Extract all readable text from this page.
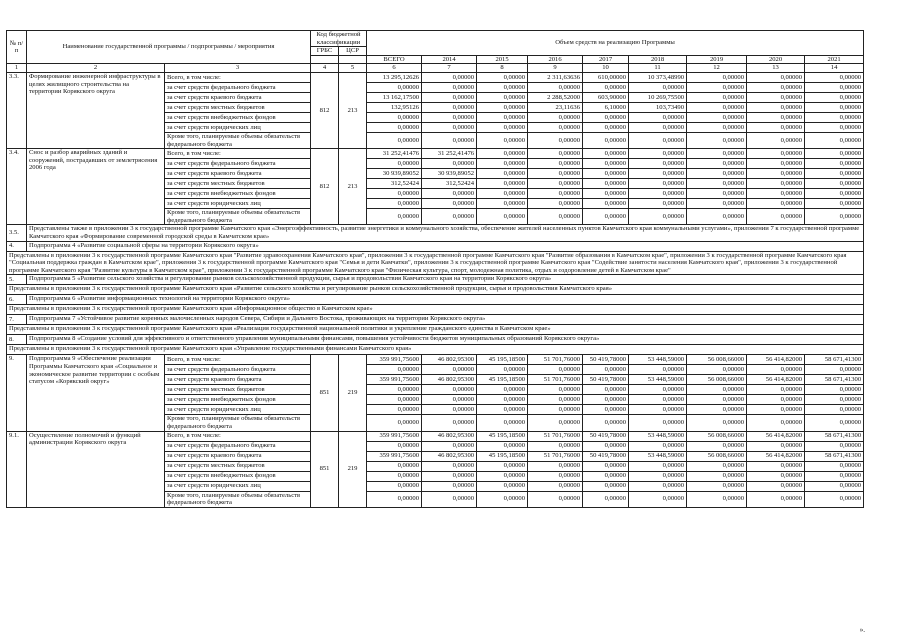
№ п/п	Наименование государственной программы / подпрограммы / мероприятия		Код бюджетной классификации		Объем средств на реализацию Программы								
			ГРБС	ЦСР									
					ВСЕГО	2014	2015	2016	2017	2018	2019	2020	2021
1	2	3	4	5	6	7	8	9	10	11	12	13	14
3.3.	Формирование инженерной инфраструктуры в целях жилищного строительства на территории Корякского округа	Всего, в том числе:	812	213	13 295,12626	0,00000	0,00000	2 311,63636	610,00000	10 373,48990	0,00000	0,00000	0,00000
		за счет средств федерального бюджета			0,00000	0,00000	0,00000	0,00000	0,00000	0,00000	0,00000	0,00000	0,00000
		за счет средств краевого бюджета			13 162,17500	0,00000	0,00000	2 288,52000	603,90000	10 269,75500	0,00000	0,00000	0,00000
		за счет средств местных бюджетов			132,95126	0,00000	0,00000	23,11636	6,10000	103,73490	0,00000	0,00000	0,00000
		за счет средств внебюджетных фондов			0,00000	0,00000	0,00000	0,00000	0,00000	0,00000	0,00000	0,00000	0,00000
		за счет средств юридических лиц			0,00000	0,00000	0,00000	0,00000	0,00000	0,00000	0,00000	0,00000	0,00000
		Кроме того, планируемые объемы обязательств федерального бюджета			0,00000	0,00000	0,00000	0,00000	0,00000	0,00000	0,00000	0,00000	0,00000
3.4.	Снос и разбор аварийных зданий и сооружений, пострадавших от землетрясения 2006 года	Всего, в том числе:	812	213	31 252,41476	31 252,41476	0,00000	0,00000	0,00000	0,00000	0,00000	0,00000	0,00000
		за счет средств федерального бюджета			0,00000	0,00000	0,00000	0,00000	0,00000	0,00000	0,00000	0,00000	0,00000
		за счет средств краевого бюджета			30 939,89052	30 939,89052	0,00000	0,00000	0,00000	0,00000	0,00000	0,00000	0,00000
		за счет средств местных бюджетов			312,52424	312,52424	0,00000	0,00000	0,00000	0,00000	0,00000	0,00000	0,00000
		за счет средств внебюджетных фондов			0,00000	0,00000	0,00000	0,00000	0,00000	0,00000	0,00000	0,00000	0,00000
		за счет средств юридических лиц			0,00000	0,00000	0,00000	0,00000	0,00000	0,00000	0,00000	0,00000	0,00000
		Кроме того, планируемые объемы обязательств федерального бюджета			0,00000	0,00000	0,00000	0,00000	0,00000	0,00000	0,00000	0,00000	0,00000
3.5.	Представлены также в приложении 3 к государственной программе Камчатского края «Энергоэффективность, развитие энергетики и коммунального хозяйства, обеспечение жителей населенных пунктов Камчатского края коммунальными услугами», приложении 7 к государственной программе Камчатского края «Формирование современной городской среды в Камчатском крае»												
4.	Подпрограмма 4 «Развитие социальной сферы на территории Корякского округа»												
Представлены в приложении 3 к государственной программе Камчатского края "Развитие здравоохранения Камчатского края", приложении 3 к государственной программе Камчатского края "Развитие образования в Камчатском крае", приложении 3 к государственной программе Камчатского края "Социальная поддержка граждан в Камчатском крае", приложения 3 к государственной программе Камчатского края "Семья и дети Камчатки", приложении 3 к государственной программе Камчатского края "Содействие занятости населения Камчатского края", приложении 3 к государственной программе Камчатского края "Развитие культуры в Камчатском крае", приложении 3 к государственной программе Камчатского края "Физическая культура, спорт, молодежная политика, отдых и оздоровление детей в Камчатском крае"													
5.	Подпрограмма 5 «Развитие сельского хозяйства и регулирование рынков сельскохозяйственной продукции, сырья и продовольствия Камчатского края на территории Корякского округа»												
Представлены в приложении 3 к государственной программе Камчатского края «Развитие сельского хозяйства и регулирование рынков сельскохозяйственной продукции, сырья и продовольствия Камчатского края»													
6.	Подпрограмма 6 «Развитие информационных технологий на территории Корякского округа»												
Представлены в приложении 3 к государственной программе Камчатского края «Информационное общество в Камчатском крае»													
7.	Подпрограмма 7 «Устойчивое развитие коренных малочисленных народов Севера, Сибири и Дальнего Востока, проживающих на территории Корякского округа»												
Представлены в приложении 3 к государственной программе Камчатского края «Реализация государственной национальной политики и укрепление гражданского единства в Камчатском крае»													
8.	Подпрограмма 8 «Создание условий для эффективного и ответственного управления муниципальными финансами, повышения устойчивости бюджетов муниципальных образований Корякского округа»												
Представлены в приложении 3 к государственной программе Камчатского края «Управление государственными финансами Камчатского края»													
9.	Подпрограмма 9 «Обеспечение реализации Программы Камчатского края «Социальное и экономическое развитие территории с особым статусом «Корякский округ»	Всего, в том числе:	851	219	359 991,75600	46 802,95300	45 195,18500	51 701,76000	50 419,78000	53 448,59000	56 008,66000	56 414,82000	58 671,41300
		за счет средств федерального бюджета			0,00000	0,00000	0,00000	0,00000	0,00000	0,00000	0,00000	0,00000	0,00000
		за счет средств краевого бюджета			359 991,75600	46 802,95300	45 195,18500	51 701,76000	50 419,78000	53 448,59000	56 008,66000	56 414,82000	58 671,41300
		за счет средств местных бюджетов			0,00000	0,00000	0,00000	0,00000	0,00000	0,00000	0,00000	0,00000	0,00000
		за счет средств внебюджетных фондов			0,00000	0,00000	0,00000	0,00000	0,00000	0,00000	0,00000	0,00000	0,00000
		за счет средств юридических лиц			0,00000	0,00000	0,00000	0,00000	0,00000	0,00000	0,00000	0,00000	0,00000
		Кроме того, планируемые объемы обязательств федерального бюджета			0,00000	0,00000	0,00000	0,00000	0,00000	0,00000	0,00000	0,00000	0,00000
9.1.	Осуществление полномочий и функций администрации Корякского округа	Всего, в том числе:	851	219	359 991,75600	46 802,95300	45 195,18500	51 701,76000	50 419,78000	53 448,59000	56 008,66000	56 414,82000	58 671,41300
		за счет средств федерального бюджета			0,00000	0,00000	0,00000	0,00000	0,00000	0,00000	0,00000	0,00000	0,00000
		за счет средств краевого бюджета			359 991,75600	46 802,95300	45 195,18500	51 701,76000	50 419,78000	53 448,59000	56 008,66000	56 414,82000	58 671,41300
		за счет средств местных бюджетов			0,00000	0,00000	0,00000	0,00000	0,00000	0,00000	0,00000	0,00000	0,00000
		за счет средств внебюджетных фондов			0,00000	0,00000	0,00000	0,00000	0,00000	0,00000	0,00000	0,00000	0,00000
		за счет средств юридических лиц			0,00000	0,00000	0,00000	0,00000	0,00000	0,00000	0,00000	0,00000	0,00000
		Кроме того, планируемые объемы обязательств федерального бюджета			0,00000	0,00000	0,00000	0,00000	0,00000	0,00000	0,00000	0,00000	0,00000
».
